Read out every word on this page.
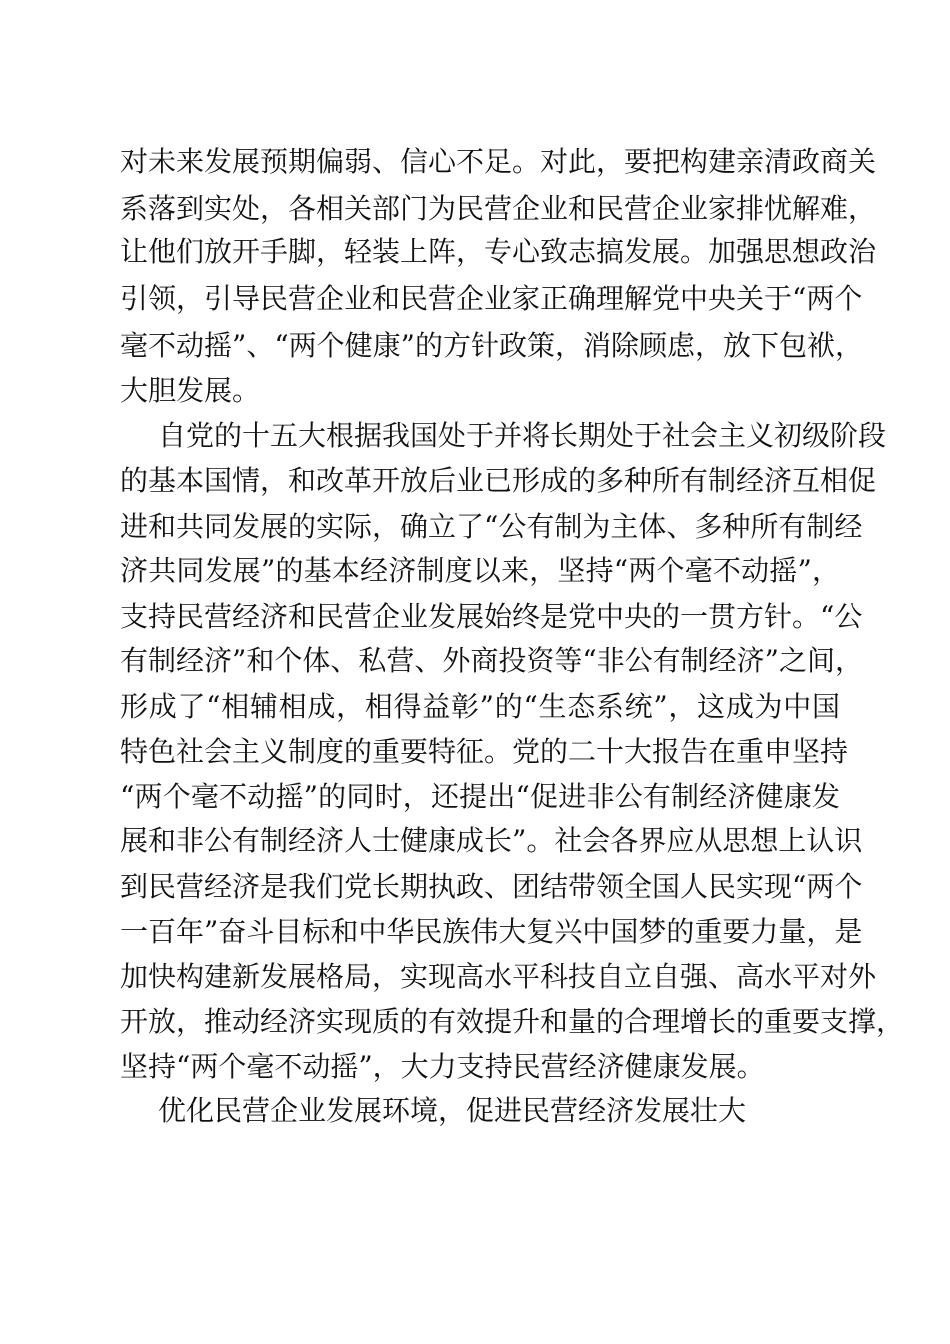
对未来发展预期偏弱、信心不足。对此，要把构建亲清政商关
系落到实处，各相关部门为民营企业和民营企业家排忧解难，
让他们放开手脚，轻装上阵，专心致志搞发展。加强思想政治
引领，引导民营企业和民营企业家正确理解党中央关于“两个
毫不动摇”、“两个健康”的方针政策，消除顾虑，放下包袱，
大胆发展。
自党的十五大根据我国处于并将长期处于社会主义初级阶段
的基本国情，和改革开放后业已形成的多种所有制经济互相促
进和共同发展的实际，确立了“公有制为主体、多种所有制经
济共同发展”的基本经济制度以来，坚持“两个毫不动摇”，
支持民营经济和民营企业发展始终是党中央的一贯方针。“公
有制经济”和个体、私营、外商投资等“非公有制经济”之间，
形成了“相辅相成，相得益彰”的“生态系统”，这成为中国
特色社会主义制度的重要特征。党的二十大报告在重申坚持
“两个毫不动摇”的同时，还提出“促进非公有制经济健康发
展和非公有制经济人士健康成长”。社会各界应从思想上认识
到民营经济是我们党长期执政、团结带领全国人民实现“两个
一百年”奋斗目标和中华民族伟大复兴中国梦的重要力量，是
加快构建新发展格局，实现高水平科技自立自强、高水平对外
开放，推动经济实现质的有效提升和量的合理增长的重要支撑，
坚持“两个毫不动摇”，大力支持民营经济健康发展。
优化民营企业发展环境，促进民营经济发展壮大
